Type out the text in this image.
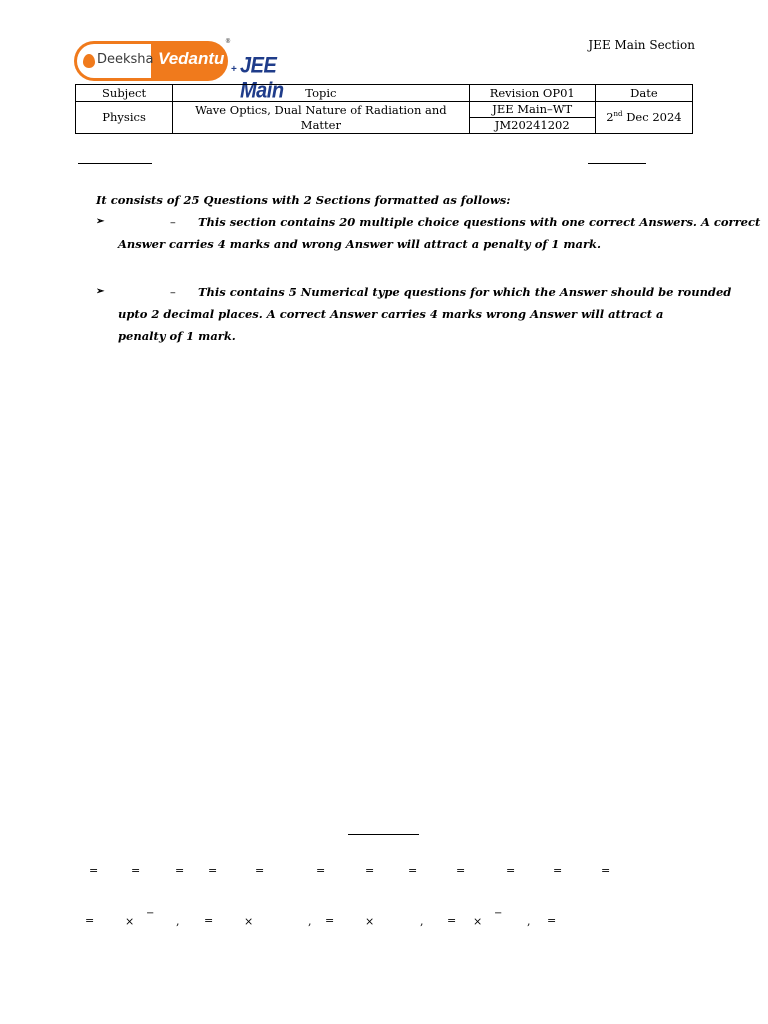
JEE Main Section
Deeksha Vedantu
®
+ JEE Main
Subject	Topic	Revision OP01	Date
Physics	Wave Optics, Dual Nature of Radiation and Matter	JEE Main–WT	2nd Dec 2024
		JM20241202	
It consists of 25 Questions with 2 Sections formatted as follows:
➢	– This section contains 20 multiple choice questions with one correct Answers. A correct
Answer carries 4 marks and wrong Answer will attract a penalty of 1 mark.
➢	– This contains 5 Numerical type questions for which the Answer should be rounded
upto 2 decimal places. A correct Answer carries 4 marks wrong Answer will attract a penalty of 1 mark.
=	=	= =	=	=	=	=	=	=	=	=
=	×
−
, =	×	, =	×	, = ×
−
, =
